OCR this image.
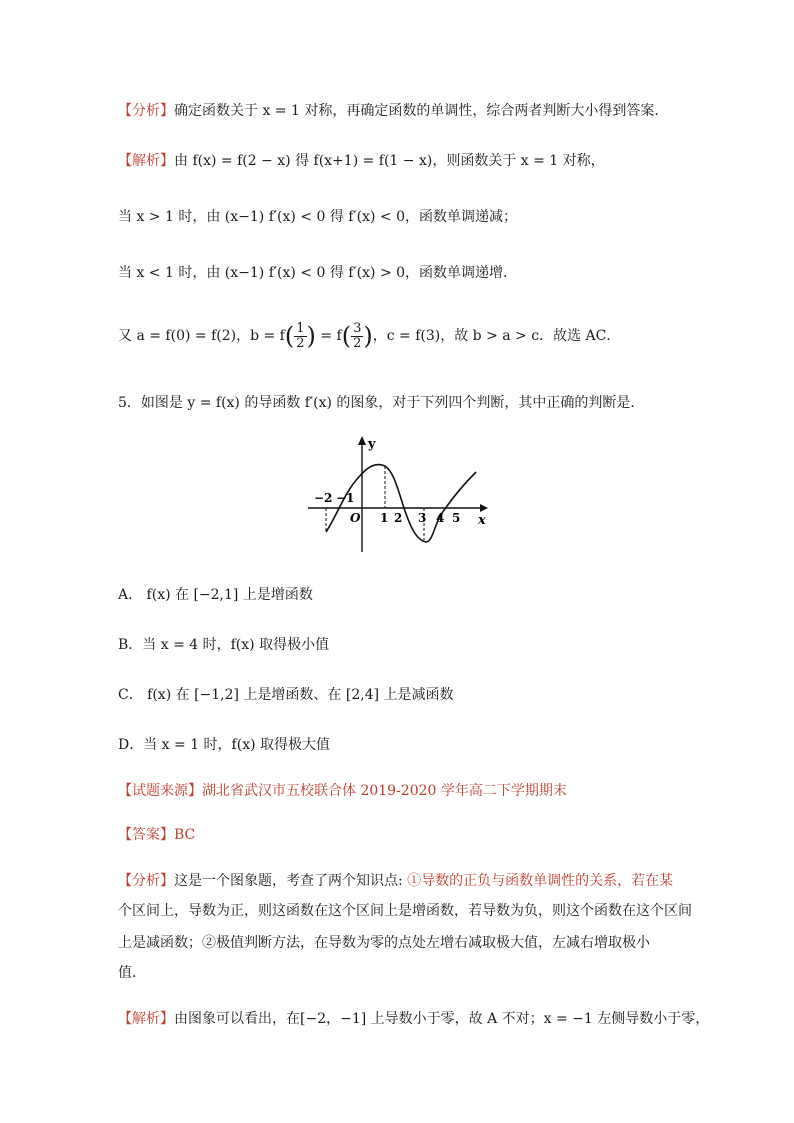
【分析】确定函数关于 x = 1 对称，再确定函数的单调性，综合两者判断大小得到答案．
【解析】由 f(x) = f(2 − x) 得 f(x+1) = f(1 − x)，则函数关于 x = 1 对称，
当 x > 1 时，由 (x−1) f′(x) < 0 得 f′(x) < 0，函数单调递减；
当 x < 1 时，由 (x−1) f′(x) < 0 得 f′(x) > 0，函数单调递增．
又 a = f(0) = f(2)，$b = f( \frac{1}{2}$ ) = $f( \frac{3}{2}$ )，c = f(3)，故 b > a > c．故选 AC．
5．如图是 y = f(x) 的导函数 f′(x) 的图象，对于下列四个判断，其中正确的判断是．
y
x
O
−2 −1
1 2 3 4 5
A． f(x) 在 [−2,1] 上是增函数
B．当 x = 4 时，f(x) 取得极小值
C． f(x) 在 [−1,2] 上是增函数、在 [2,4] 上是减函数
D．当 x = 1 时，f(x) 取得极大值
【试题来源】湖北省武汉市五校联合体 2019-2020 学年高二下学期期末
【答案】BC
【分析】这是一个图象题，考查了两个知识点: ①导数的正负与函数单调性的关系，若在某
个区间上，导数为正，则这函数在这个区间上是增函数，若导数为负，则这个函数在这个区间
上是减函数；②极值判断方法，在导数为零的点处左增右减取极大值，左减右增取极小
值．
【解析】由图象可以看出，在[−2，−1] 上导数小于零，故 A 不对；x = −1 左侧导数小于零，
